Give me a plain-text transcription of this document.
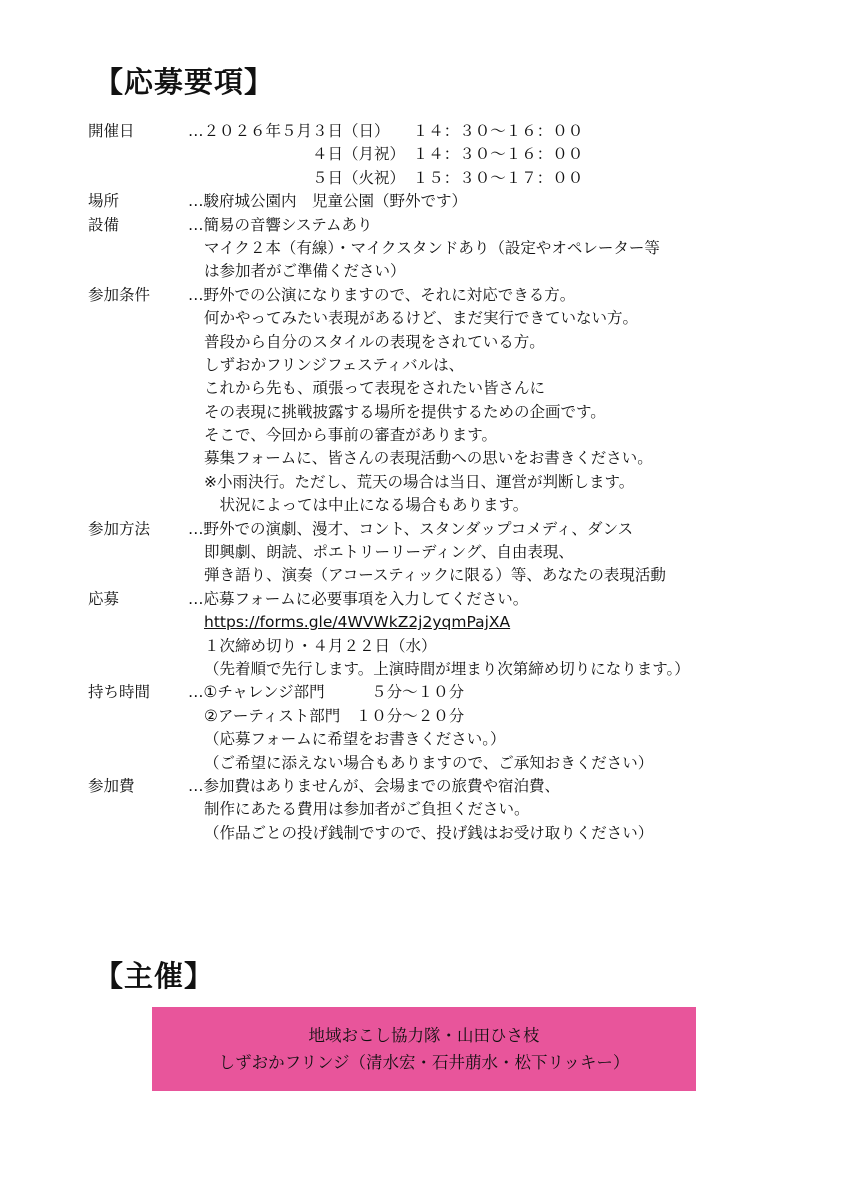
【応募要項】
開催日	…２０２６年５月３日（日）　　１４：３０〜１６：００
４日（月祝）　１４：３０〜１６：００
５日（火祝）　１５：３０〜１７：００
場所	…駿府城公園内　児童公園（野外です）
設備	…簡易の音響システムあり
マイク２本（有線）・マイクスタンドあり（設定やオペレーター等
は参加者がご準備ください）
参加条件 …野外での公演になりますので、それに対応できる方。
何かやってみたい表現があるけど、まだ実行できていない方。
普段から自分のスタイルの表現をされている方。
しずおかフリンジフェスティバルは、
これから先も、頑張って表現をされたい皆さんに
その表現に挑戦披露する場所を提供するための企画です。
そこで、今回から事前の審査があります。
募集フォームに、皆さんの表現活動への思いをお書きください。
※小雨決行。ただし、荒天の場合は当日、運営が判断します。
　状況によっては中止になる場合もあります。
参加方法 …野外での演劇、漫才、コント、スタンダップコメディ、ダンス
即興劇、朗読、ポエトリーリーディング、自由表現、
弾き語り、演奏（アコースティックに限る）等、あなたの表現活動
応募	…応募フォームに必要事項を入力してください。
https://forms.gle/4WVWkZ2j2yqmPajXA
１次締め切り・４月２２日（水）
（先着順で先行します。上演時間が埋まり次第締め切りになります。）
持ち時間 …①チャレンジ部門　　　５分〜１０分
②アーティスト部門　１０分〜２０分
（応募フォームに希望をお書きください。）
（ご希望に添えない場合もありますので、ご承知おきください）
参加費	…参加費はありませんが、会場までの旅費や宿泊費、
制作にあたる費用は参加者がご負担ください。
（作品ごとの投げ銭制ですので、投げ銭はお受け取りください）
【主催】
地域おこし協力隊・山田ひさ枝
しずおかフリンジ（清水宏・石井萠水・松下リッキー）
